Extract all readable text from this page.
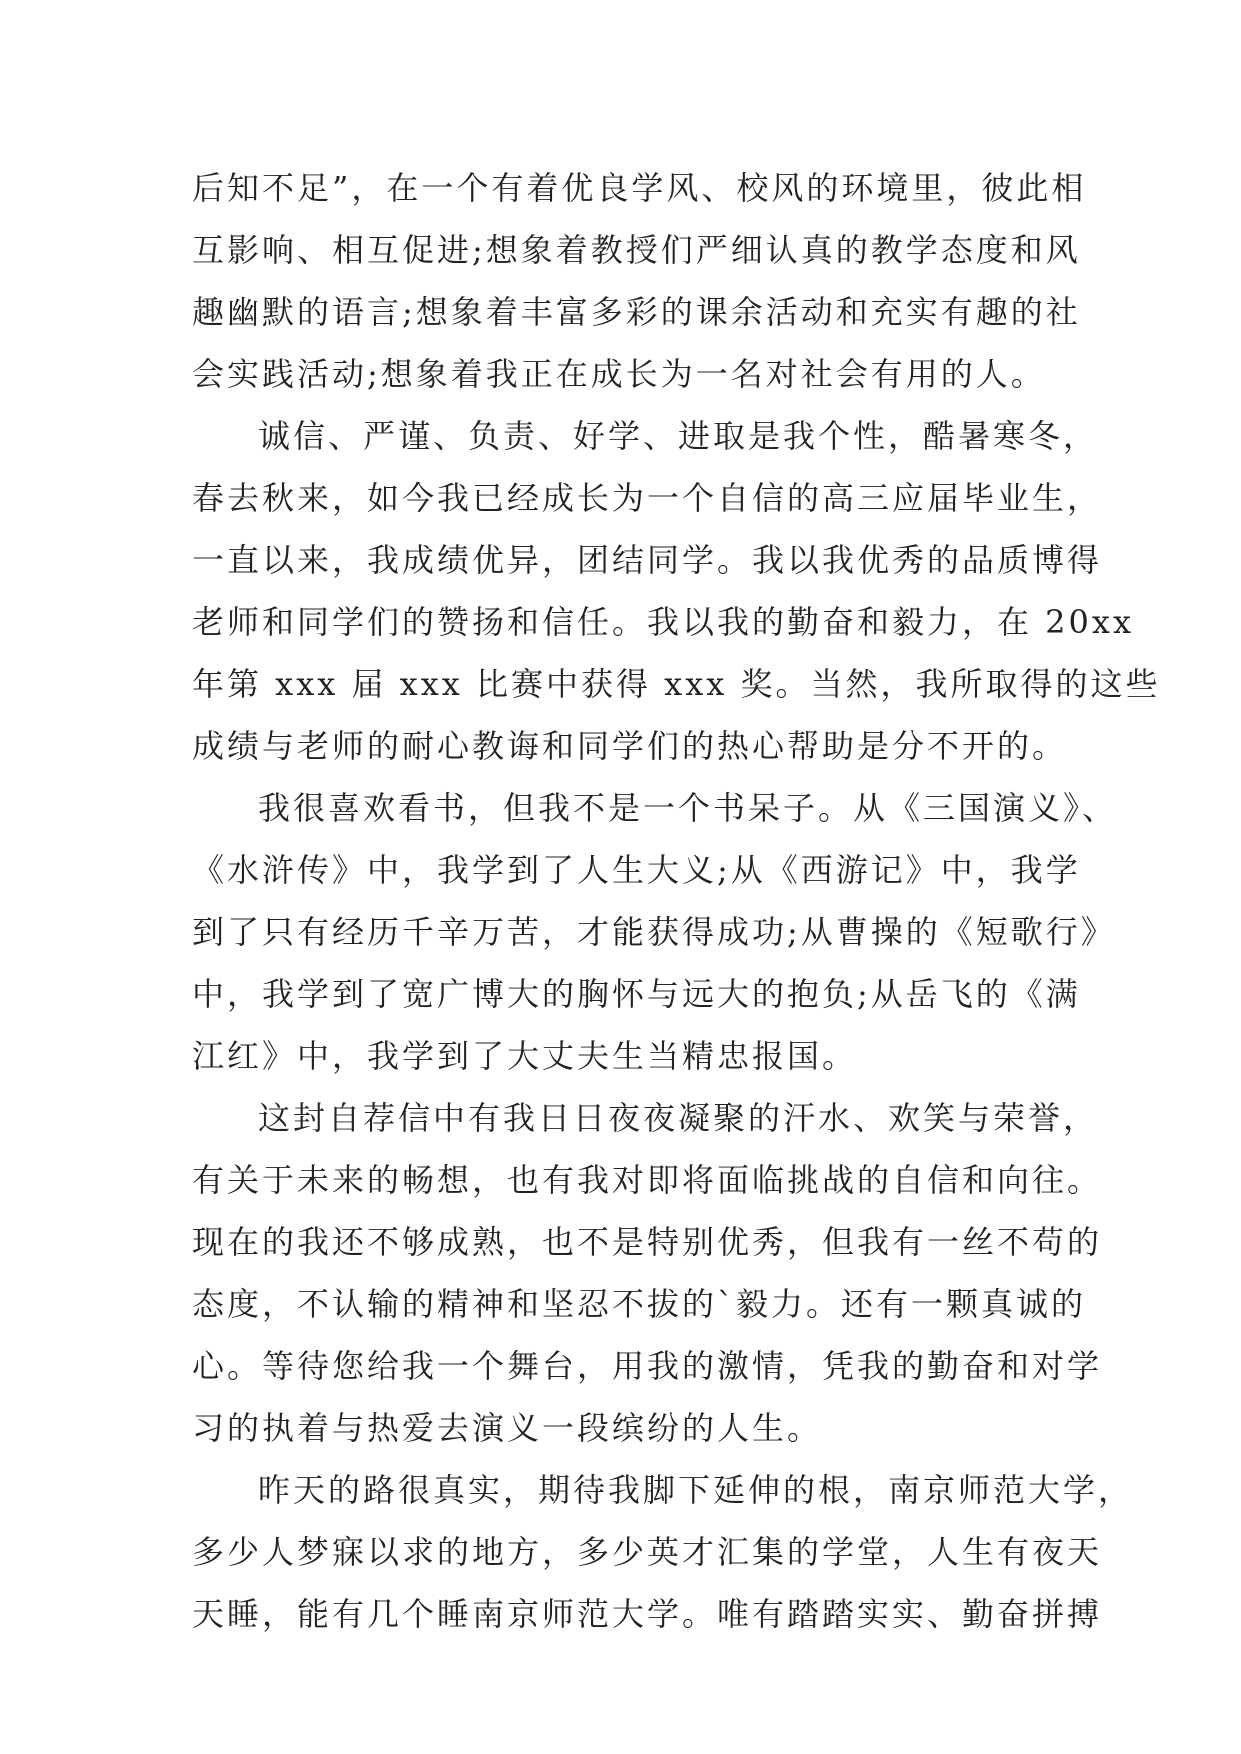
后知不足”，在一个有着优良学风、校风的环境里，彼此相
互影响、相互促进;想象着教授们严细认真的教学态度和风
趣幽默的语言;想象着丰富多彩的课余活动和充实有趣的社
会实践活动;想象着我正在成长为一名对社会有用的人。
诚信、严谨、负责、好学、进取是我个性，酷暑寒冬，
春去秋来，如今我已经成长为一个自信的高三应届毕业生，
一直以来，我成绩优异，团结同学。我以我优秀的品质博得
老师和同学们的赞扬和信任。我以我的勤奋和毅力，在 20xx
年第 xxx 届 xxx 比赛中获得 xxx 奖。当然，我所取得的这些
成绩与老师的耐心教诲和同学们的热心帮助是分不开的。
我很喜欢看书，但我不是一个书呆子。从《三国演义》、
《水浒传》中，我学到了人生大义;从《西游记》中，我学
到了只有经历千辛万苦，才能获得成功;从曹操的《短歌行》
中，我学到了宽广博大的胸怀与远大的抱负;从岳飞的《满
江红》中，我学到了大丈夫生当精忠报国。
这封自荐信中有我日日夜夜凝聚的汗水、欢笑与荣誉，
有关于未来的畅想，也有我对即将面临挑战的自信和向往。
现在的我还不够成熟，也不是特别优秀，但我有一丝不苟的
态度，不认输的精神和坚忍不拔的`毅力。还有一颗真诚的
心。等待您给我一个舞台，用我的激情，凭我的勤奋和对学
习的执着与热爱去演义一段缤纷的人生。
昨天的路很真实，期待我脚下延伸的根，南京师范大学，
多少人梦寐以求的地方，多少英才汇集的学堂，人生有夜天
天睡，能有几个睡南京师范大学。唯有踏踏实实、勤奋拼搏
